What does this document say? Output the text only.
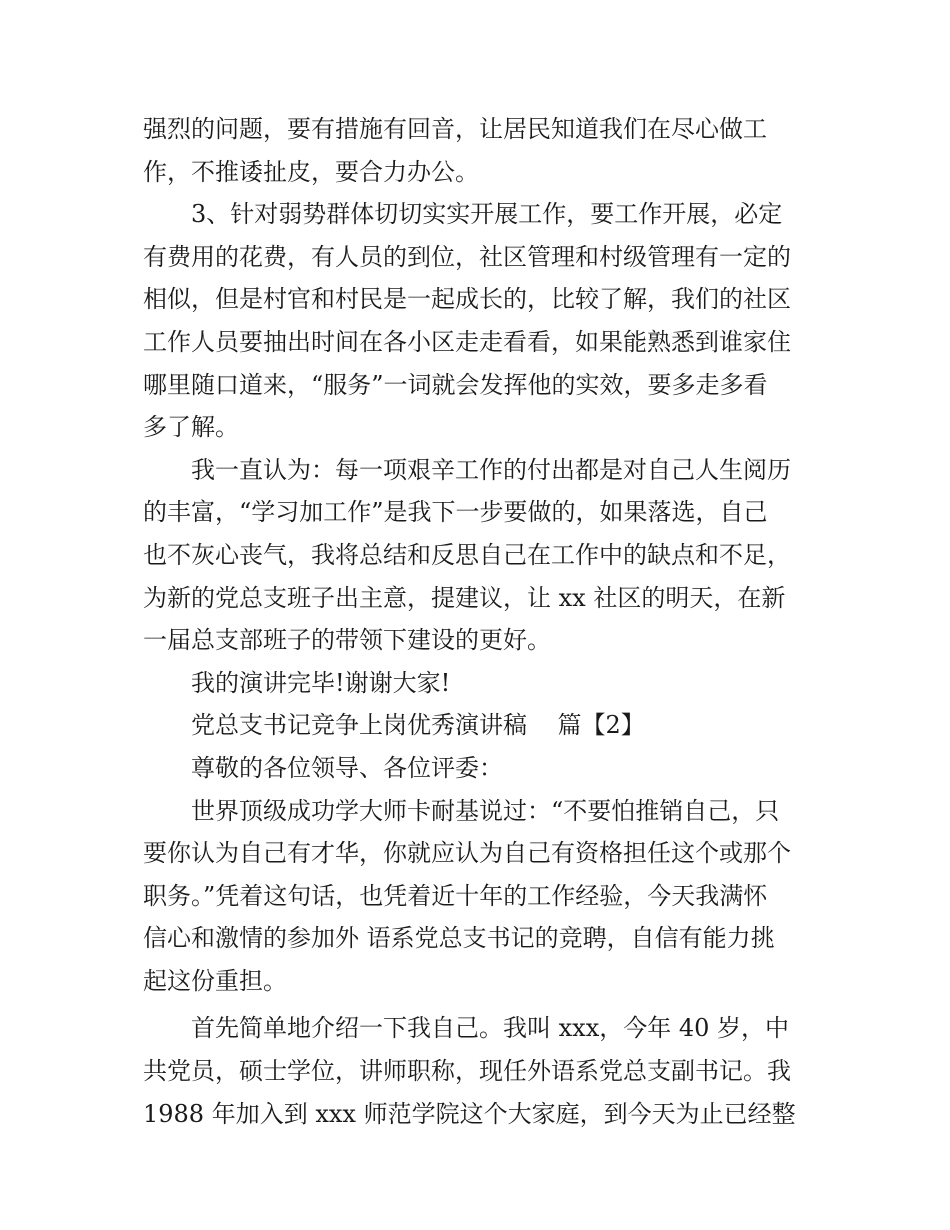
强烈的问题，要有措施有回音，让居民知道我们在尽心做工
作，不推诿扯皮，要合力办公。
3、针对弱势群体切切实实开展工作，要工作开展，必定
有费用的花费，有人员的到位，社区管理和村级管理有一定的
相似，但是村官和村民是一起成长的，比较了解，我们的社区
工作人员要抽出时间在各小区走走看看，如果能熟悉到谁家住
哪里随口道来，“服务”一词就会发挥他的实效，要多走多看
多了解。
我一直认为：每一项艰辛工作的付出都是对自己人生阅历
的丰富，“学习加工作”是我下一步要做的，如果落选，自己
也不灰心丧气，我将总结和反思自己在工作中的缺点和不足，
为新的党总支班子出主意，提建议，让 xx 社区的明天，在新
一届总支部班子的带领下建设的更好。
我的演讲完毕!谢谢大家!
党总支书记竞争上岗优秀演讲稿    篇【2】
尊敬的各位领导、各位评委：
世界顶级成功学大师卡耐基说过：“不要怕推销自己，只
要你认为自己有才华，你就应认为自己有资格担任这个或那个
职务。”凭着这句话，也凭着近十年的工作经验，今天我满怀
信心和激情的参加外 语系党总支书记的竞聘，自信有能力挑
起这份重担。
首先简单地介绍一下我自己。我叫 xxx，今年 40 岁，中
共党员，硕士学位，讲师职称，现任外语系党总支副书记。我
1988 年加入到 xxx 师范学院这个大家庭，到今天为止已经整
